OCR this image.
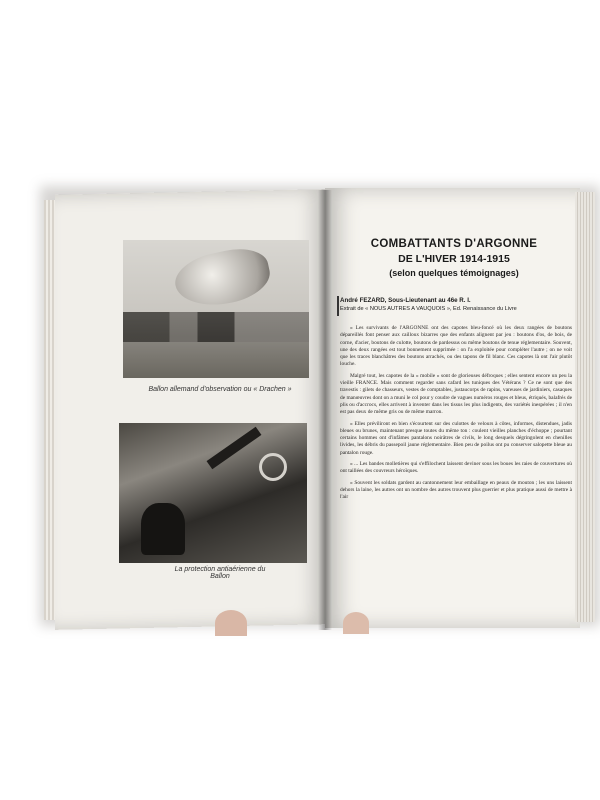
Ballon allemand d'observation ou « Drachen »
La protection antiaérienne du
Ballon
COMBATTANTS D'ARGONNE
DE L'HIVER 1914-1915
(selon quelques témoignages)
André FEZARD, Sous-Lieutenant au 46e R. I.
Extrait de « NOUS AUTRES A VAUQUOIS », Ed. Renaissance du Livre

« Les survivants de l'ARGONNE ont des capotes bleu-foncé où les deux rangées de boutons dépareillés font penser aux cailloux bizarres que des enfants alignent par jeu : boutons d'os, de bois, de corne, d'acier, boutons de culotte, boutons de pardessus ou même boutons de tenue réglementaire. Souvent, une des deux rangées est tout bonnement supprimée : on l'a exploitée pour compléter l'autre ; on ne voit que les traces blanchâtres des boutons arrachés, ou des tapons de fil blanc. Ces capotes là ont l'air plutôt louche.

Malgré tout, les capotes de la « mobile » sont de glorieuses défroques ; elles sentent encore un peu la vieille FRANCE. Mais comment regarder sans cafard les tuniques des Vétérans ? Ce ne sont que des travestis : gilets de chasseurs, vestes de comptables, justaucorps de rapins, vareuses de jardiniers, casaques de manœuvres dont on a muni le col pour y coudre de vagues numéros rouges et bleus, étriqués, balafrés de plis ou d'accrocs, elles arrivent à inventer dans les tissus les plus indigents, des variétés inespérées ; il n'en est pas deux de même gris ou de même marron.

« Elles préviliront en bien s'écourtent sur des culottes de velours à côtes, informes, distendues, jadis bleues ou brunes, maintenant presque toutes du même ton : coulent vieilles planches d'échoppe ; pourtant certains hommes ont d'infâmes pantalons noirâtres de civils, le long desquels dégringolent en chenilles livides, les débris du passepoil jaune réglementaire. Bien peu de poilus ont pu conserver salopette bleue au pantalon rouge.

« ... Les bandes molletières qui s'effilochent laissent deviner sous les boues les raies de couvertures où ont taillées des couvreurs héroïques.

« Souvent les soldats gardent au cantonnement leur embaillage en peaux de mouton ; les uns laissent dehors la laine, les autres ont un nombre des autres trouvent plus guerrier et plus pratique aussi de mettre à l'air
